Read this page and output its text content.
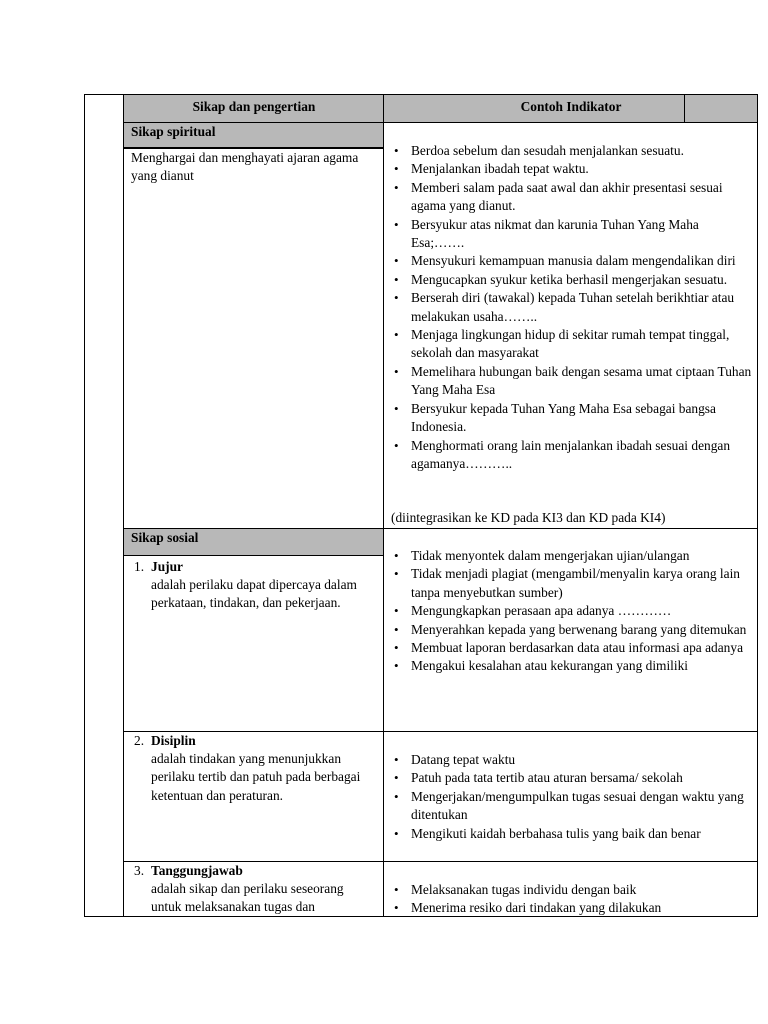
Sikap dan pengertian	Contoh Indikator
Sikap spiritual
Menghargai dan menghayati ajaran agama yang dianut
• Berdoa sebelum dan sesudah menjalankan sesuatu.
• Menjalankan ibadah tepat waktu.
• Memberi salam pada saat awal dan akhir presentasi sesuai agama yang dianut.
• Bersyukur atas nikmat dan karunia Tuhan Yang Maha Esa;…….
• Mensyukuri kemampuan manusia dalam mengendalikan diri
• Mengucapkan syukur ketika berhasil mengerjakan sesuatu.
• Berserah diri (tawakal) kepada Tuhan setelah berikhtiar atau melakukan usaha……..
• Menjaga lingkungan hidup di sekitar rumah tempat tinggal, sekolah dan masyarakat
• Memelihara hubungan baik dengan sesama umat ciptaan Tuhan Yang Maha Esa
• Bersyukur kepada Tuhan Yang Maha Esa sebagai bangsa Indonesia.
• Menghormati orang lain menjalankan ibadah sesuai dengan agamanya………..
(diintegrasikan ke KD pada KI3 dan KD pada KI4)
Sikap sosial
1. Jujur
adalah perilaku dapat dipercaya dalam perkataan, tindakan, dan pekerjaan.
• Tidak menyontek dalam mengerjakan ujian/ulangan
• Tidak menjadi plagiat (mengambil/menyalin karya orang lain tanpa menyebutkan sumber)
• Mengungkapkan perasaan apa adanya …………
• Menyerahkan kepada yang berwenang barang yang ditemukan
• Membuat laporan berdasarkan data atau informasi apa adanya
• Mengakui kesalahan atau kekurangan yang dimiliki
2. Disiplin
adalah tindakan yang menunjukkan perilaku tertib dan patuh pada berbagai ketentuan dan peraturan.
• Datang tepat waktu
• Patuh pada tata tertib atau aturan bersama/ sekolah
• Mengerjakan/mengumpulkan tugas sesuai dengan waktu yang ditentukan
• Mengikuti kaidah berbahasa tulis yang baik dan benar
3. Tanggungjawab
adalah sikap dan perilaku seseorang untuk melaksanakan tugas dan
• Melaksanakan tugas individu dengan baik
• Menerima resiko dari tindakan yang dilakukan
